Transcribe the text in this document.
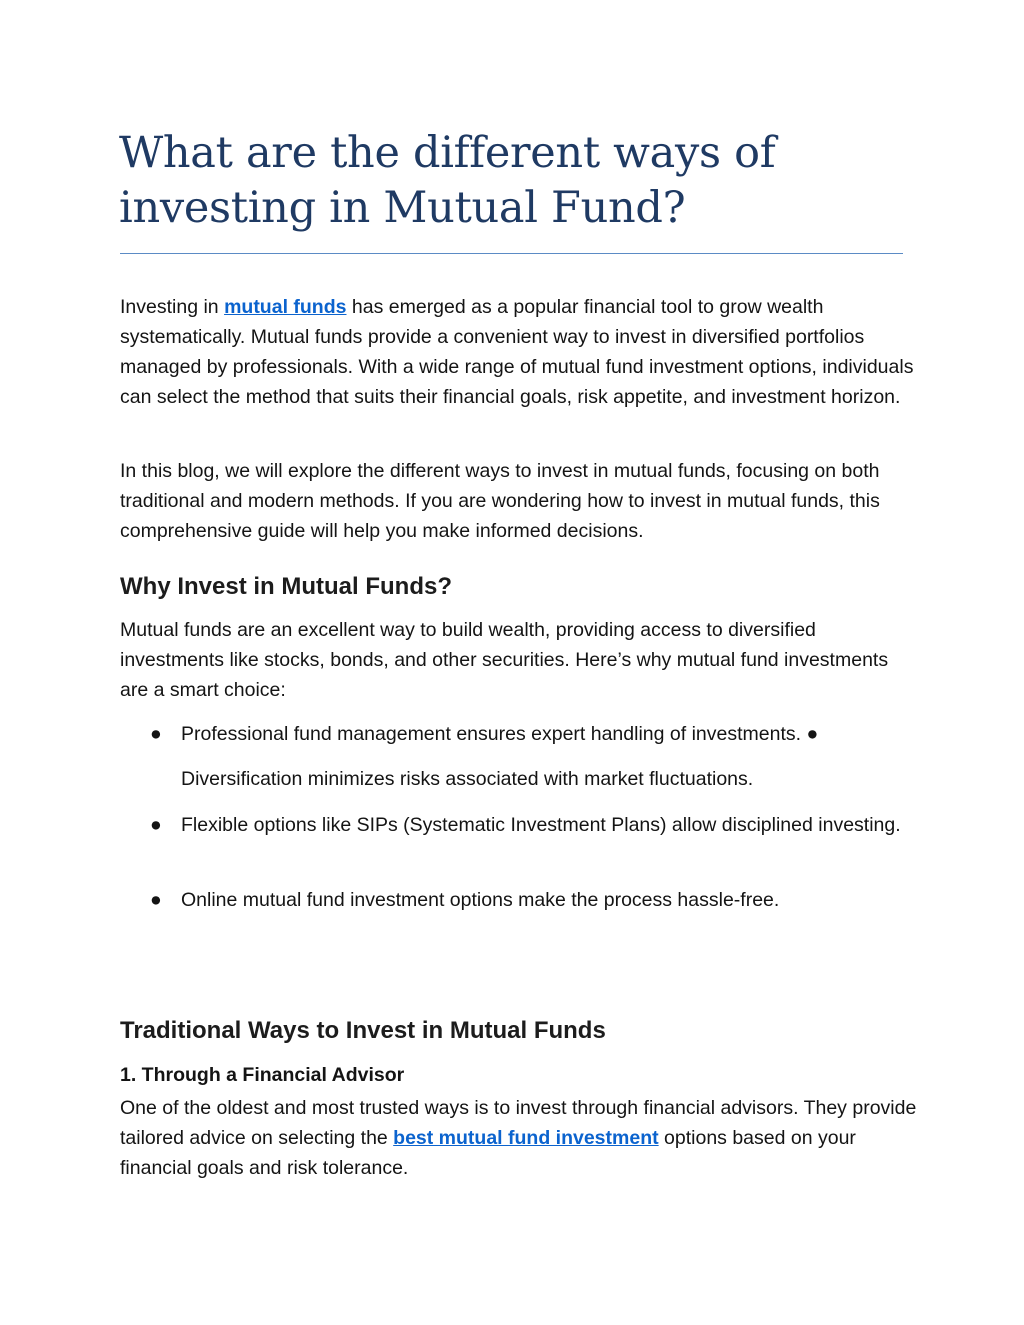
What are the different ways of investing in Mutual Fund?

Investing in mutual funds has emerged as a popular financial tool to grow wealth systematically. Mutual funds provide a convenient way to invest in diversified portfolios managed by professionals. With a wide range of mutual fund investment options, individuals can select the method that suits their financial goals, risk appetite, and investment horizon.

In this blog, we will explore the different ways to invest in mutual funds, focusing on both traditional and modern methods. If you are wondering how to invest in mutual funds, this comprehensive guide will help you make informed decisions.

Why Invest in Mutual Funds?

Mutual funds are an excellent way to build wealth, providing access to diversified investments like stocks, bonds, and other securities. Here’s why mutual fund investments are a smart choice:

● Professional fund management ensures expert handling of investments. ●

Diversification minimizes risks associated with market fluctuations.

● Flexible options like SIPs (Systematic Investment Plans) allow disciplined investing.

● Online mutual fund investment options make the process hassle-free.

Traditional Ways to Invest in Mutual Funds
1. Through a Financial Advisor

One of the oldest and most trusted ways is to invest through financial advisors. They provide tailored advice on selecting the best mutual fund investment options based on your financial goals and risk tolerance.
